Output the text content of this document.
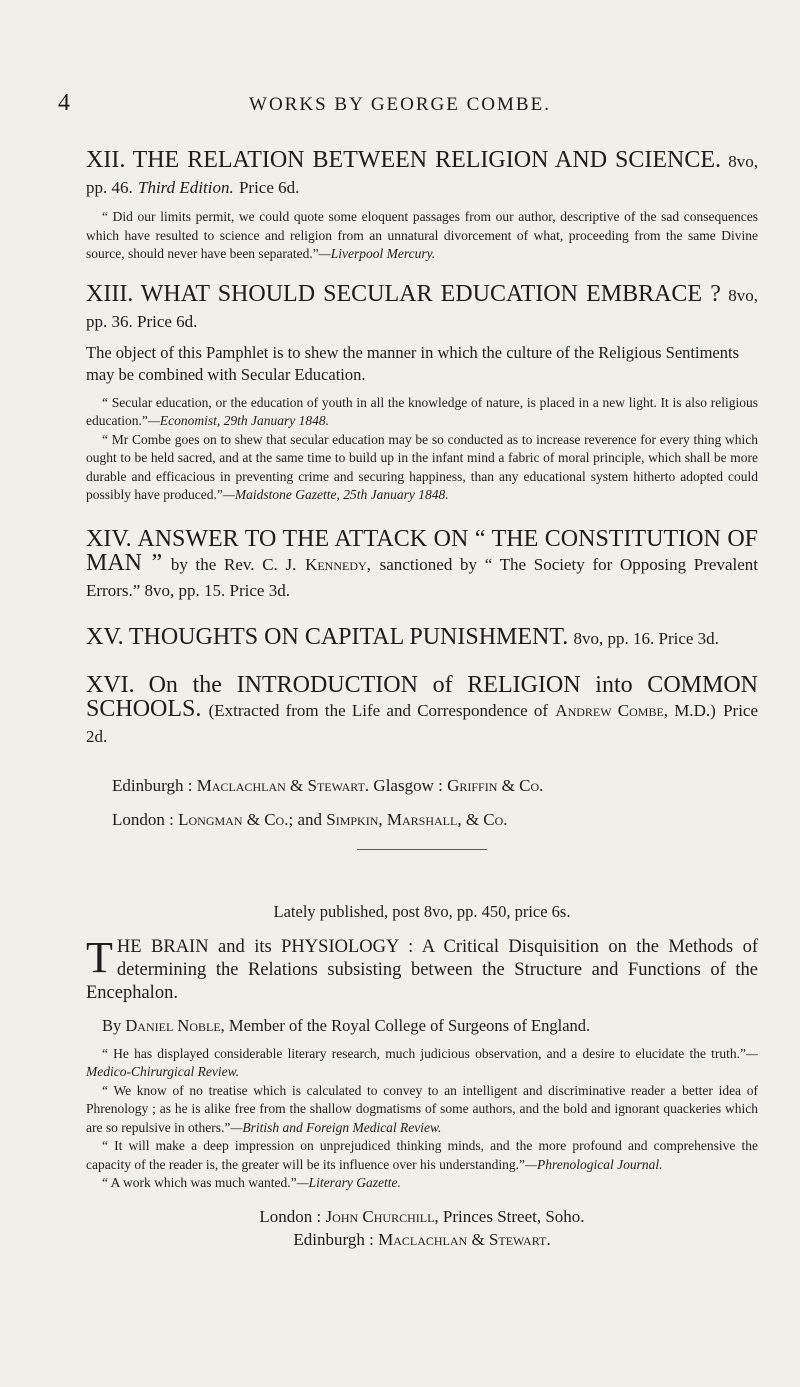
4	WORKS BY GEORGE COMBE.

XII. THE RELATION BETWEEN RELIGION AND SCIENCE. 8vo, pp. 46. Third Edition. Price 6d.

“ Did our limits permit, we could quote some eloquent passages from our author, descriptive of the sad consequences which have resulted to science and religion from an unnatural divorcement of what, proceeding from the same Divine source, should never have been separated.”—Liverpool Mercury.

XIII. WHAT SHOULD SECULAR EDUCATION EMBRACE ? 8vo, pp. 36. Price 6d.

The object of this Pamphlet is to shew the manner in which the culture of the Religious Sentiments may be combined with Secular Education.

“ Secular education, or the education of youth in all the knowledge of nature, is placed in a new light. It is also religious education.”—Economist, 29th January 1848.

“ Mr Combe goes on to shew that secular education may be so conducted as to increase reverence for every thing which ought to be held sacred, and at the same time to build up in the infant mind a fabric of moral principle, which shall be more durable and efficacious in preventing crime and securing happiness, than any educational system hitherto adopted could possibly have produced.”—Maidstone Gazette, 25th January 1848.

XIV. ANSWER TO THE ATTACK ON “ THE CONSTITUTION OF MAN ” by the Rev. C. J. Kennedy, sanctioned by “ The Society for Opposing Prevalent Errors.” 8vo, pp. 15. Price 3d.

XV. THOUGHTS ON CAPITAL PUNISHMENT. 8vo, pp. 16. Price 3d.

XVI. On the INTRODUCTION of RELIGION into COMMON SCHOOLS. (Extracted from the Life and Correspondence of Andrew Combe, M.D.) Price 2d.

Edinburgh : Maclachlan & Stewart. Glasgow : Griffin & Co.

London : Longman & Co.; and Simpkin, Marshall, & Co.

Lately published, post 8vo, pp. 450, price 6s.

THE BRAIN and its PHYSIOLOGY : A Critical Disquisition on the Methods of determining the Relations subsisting between the Structure and Functions of the Encephalon.

By Daniel Noble, Member of the Royal College of Surgeons of England.

“ He has displayed considerable literary research, much judicious observation, and a desire to elucidate the truth.”—Medico-Chirurgical Review.

“ We know of no treatise which is calculated to convey to an intelligent and discriminative reader a better idea of Phrenology ; as he is alike free from the shallow dogmatisms of some authors, and the bold and ignorant quackeries which are so repulsive in others.”—British and Foreign Medical Review.

“ It will make a deep impression on unprejudiced thinking minds, and the more profound and comprehensive the capacity of the reader is, the greater will be its influence over his understanding.”—Phrenological Journal.

“ A work which was much wanted.”—Literary Gazette.

London : John Churchill, Princes Street, Soho.

Edinburgh : Maclachlan & Stewart.
